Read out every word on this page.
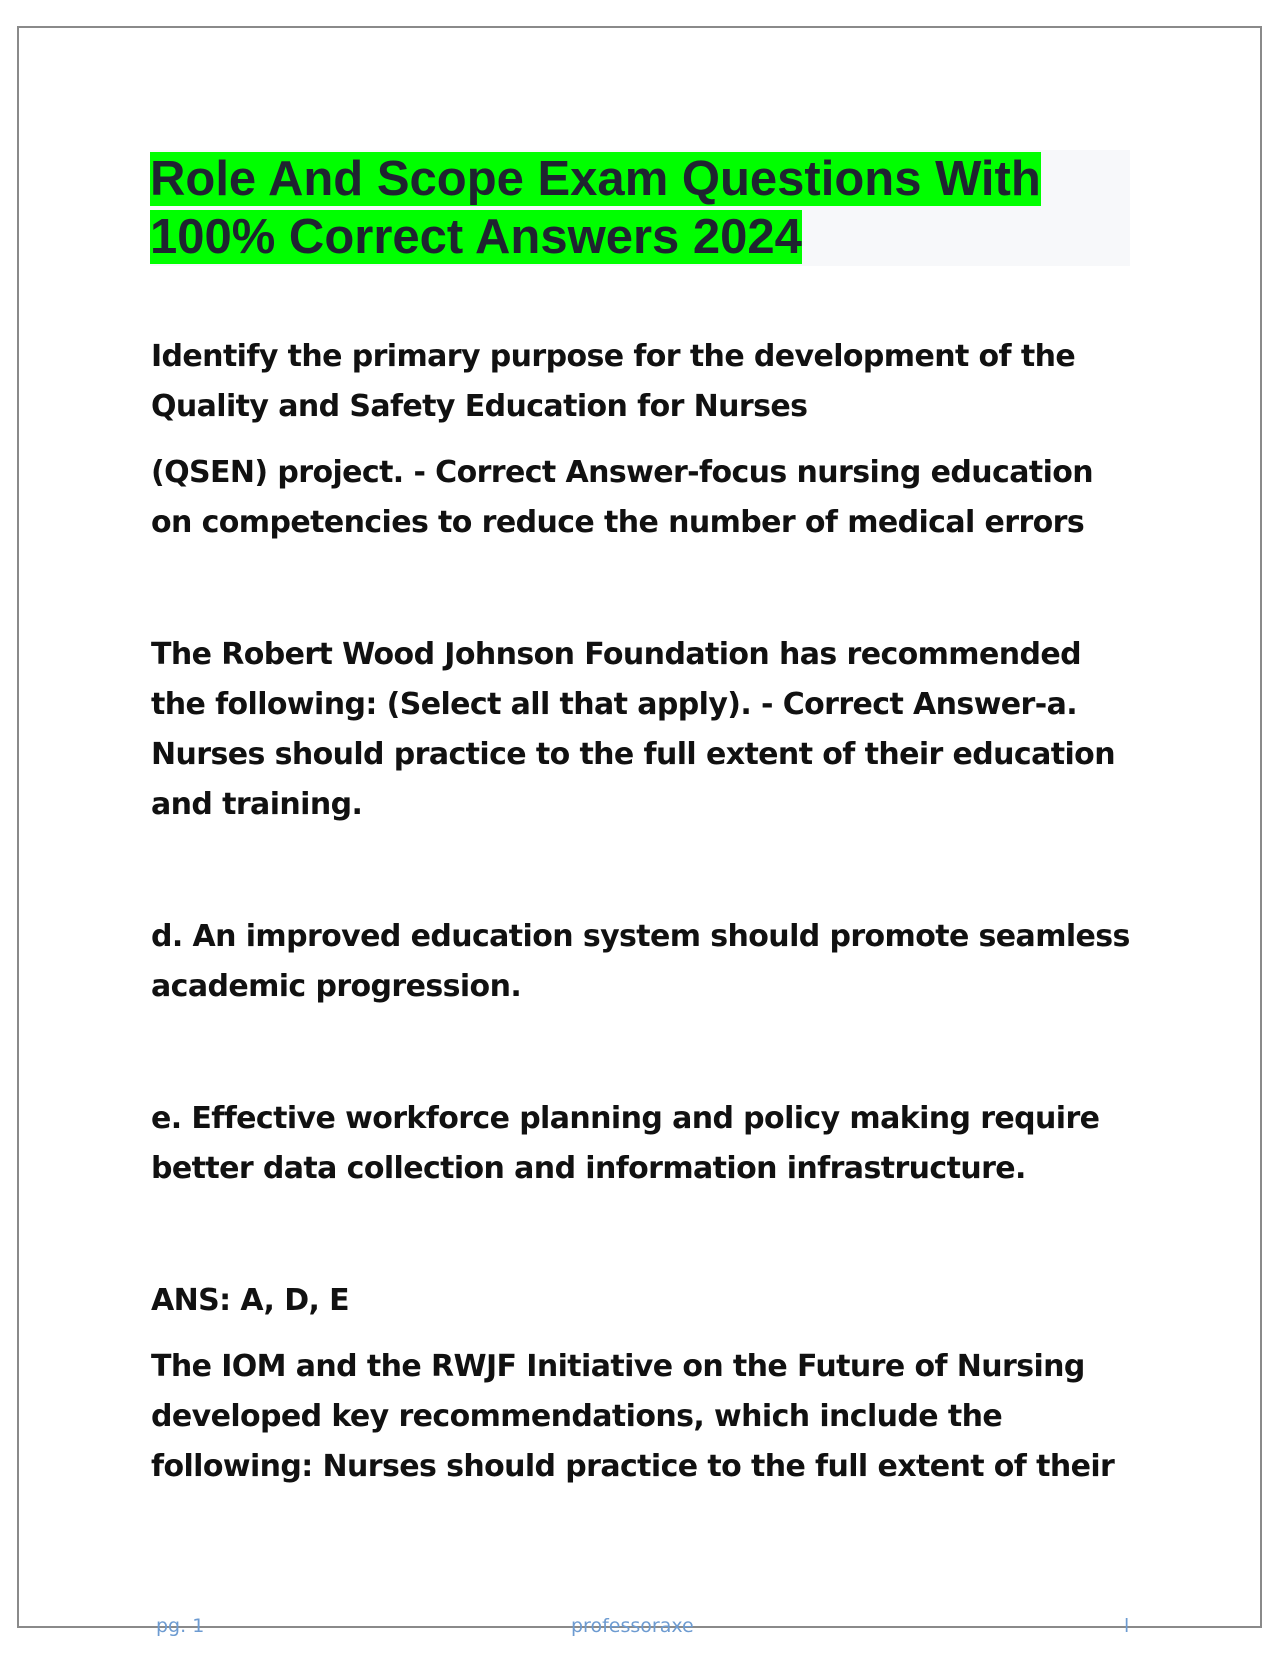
Role And Scope Exam Questions With
100% Correct Answers 2024

Identify the primary purpose for the development of the Quality and Safety Education for Nurses

(QSEN) project. - Correct Answer-focus nursing education on competencies to reduce the number of medical errors

The Robert Wood Johnson Foundation has recommended the following: (Select all that apply). - Correct Answer-a. Nurses should practice to the full extent of their education and training.

d. An improved education system should promote seamless academic progression.

e. Effective workforce planning and policy making require better data collection and information infrastructure.

ANS: A, D, E

The IOM and the RWJF Initiative on the Future of Nursing developed key recommendations, which include the following: Nurses should practice to the full extent of their

pg. 1	professoraxe	l
